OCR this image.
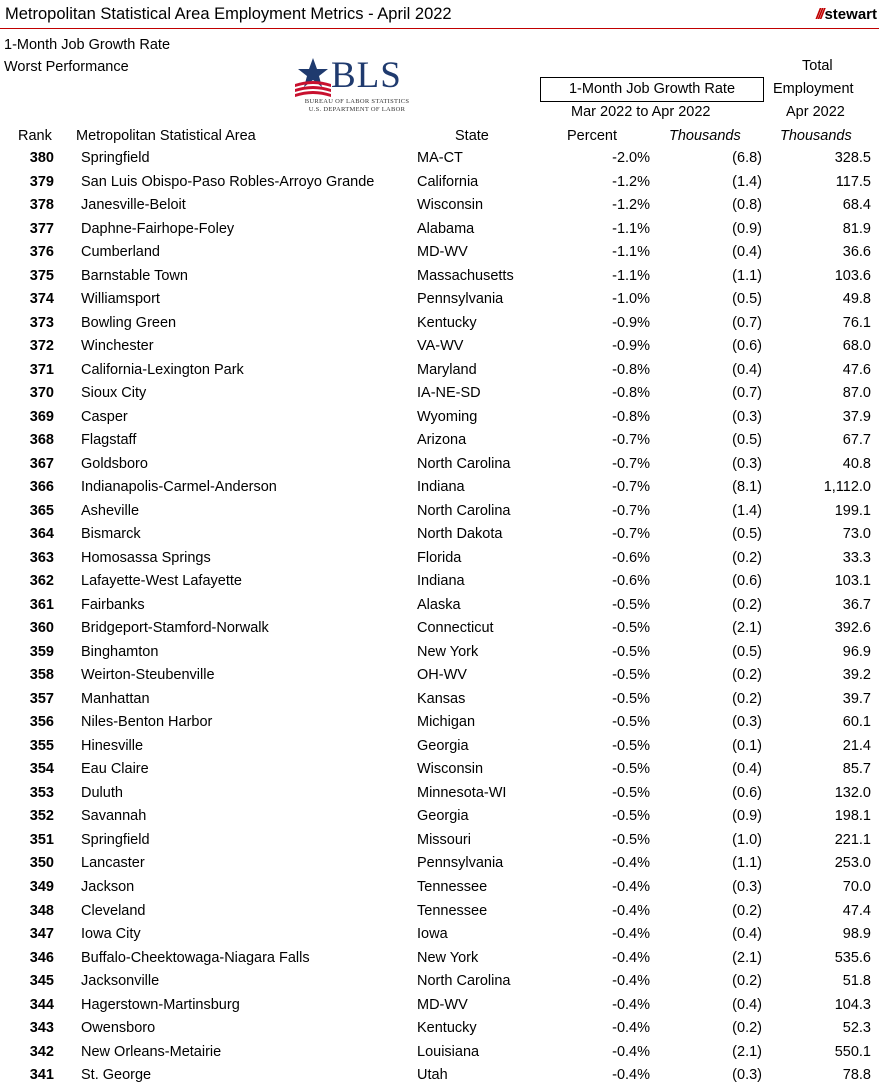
Metropolitan Statistical Area Employment Metrics - April 2022	/// stewart
1-Month Job Growth Rate
Worst Performance	BLS
BUREAU OF LABOR STATISTICS
U.S. DEPARTMENT OF LABOR
1-Month Job Growth Rate
Mar 2022 to Apr 2022
Total
Employment
Apr 2022
Rank Metropolitan Statistical Area	State	Percent	Thousands	Thousands
380 Springfield	MA-CT	-2.0%	(6.8)	328.5
379 San Luis Obispo-Paso Robles-Arroyo Grande	California	-1.2%	(1.4)	117.5
378 Janesville-Beloit	Wisconsin	-1.2%	(0.8)	68.4
377 Daphne-Fairhope-Foley	Alabama	-1.1%	(0.9)	81.9
376 Cumberland	MD-WV	-1.1%	(0.4)	36.6
375 Barnstable Town	Massachusetts	-1.1%	(1.1)	103.6
374 Williamsport	Pennsylvania	-1.0%	(0.5)	49.8
373 Bowling Green	Kentucky	-0.9%	(0.7)	76.1
372 Winchester	VA-WV	-0.9%	(0.6)	68.0
371 California-Lexington Park	Maryland	-0.8%	(0.4)	47.6
370 Sioux City	IA-NE-SD	-0.8%	(0.7)	87.0
369 Casper	Wyoming	-0.8%	(0.3)	37.9
368 Flagstaff	Arizona	-0.7%	(0.5)	67.7
367 Goldsboro	North Carolina	-0.7%	(0.3)	40.8
366 Indianapolis-Carmel-Anderson	Indiana	-0.7%	(8.1)	1,112.0
365 Asheville	North Carolina	-0.7%	(1.4)	199.1
364 Bismarck	North Dakota	-0.7%	(0.5)	73.0
363 Homosassa Springs	Florida	-0.6%	(0.2)	33.3
362 Lafayette-West Lafayette	Indiana	-0.6%	(0.6)	103.1
361 Fairbanks	Alaska	-0.5%	(0.2)	36.7
360 Bridgeport-Stamford-Norwalk	Connecticut	-0.5%	(2.1)	392.6
359 Binghamton	New York	-0.5%	(0.5)	96.9
358 Weirton-Steubenville	OH-WV	-0.5%	(0.2)	39.2
357 Manhattan	Kansas	-0.5%	(0.2)	39.7
356 Niles-Benton Harbor	Michigan	-0.5%	(0.3)	60.1
355 Hinesville	Georgia	-0.5%	(0.1)	21.4
354 Eau Claire	Wisconsin	-0.5%	(0.4)	85.7
353 Duluth	Minnesota-WI	-0.5%	(0.6)	132.0
352 Savannah	Georgia	-0.5%	(0.9)	198.1
351 Springfield	Missouri	-0.5%	(1.0)	221.1
350 Lancaster	Pennsylvania	-0.4%	(1.1)	253.0
349 Jackson	Tennessee	-0.4%	(0.3)	70.0
348 Cleveland	Tennessee	-0.4%	(0.2)	47.4
347 Iowa City	Iowa	-0.4%	(0.4)	98.9
346 Buffalo-Cheektowaga-Niagara Falls	New York	-0.4%	(2.1)	535.6
345 Jacksonville	North Carolina	-0.4%	(0.2)	51.8
344 Hagerstown-Martinsburg	MD-WV	-0.4%	(0.4)	104.3
343 Owensboro	Kentucky	-0.4%	(0.2)	52.3
342 New Orleans-Metairie	Louisiana	-0.4%	(2.1)	550.1
341 St. George	Utah	-0.4%	(0.3)	78.8
